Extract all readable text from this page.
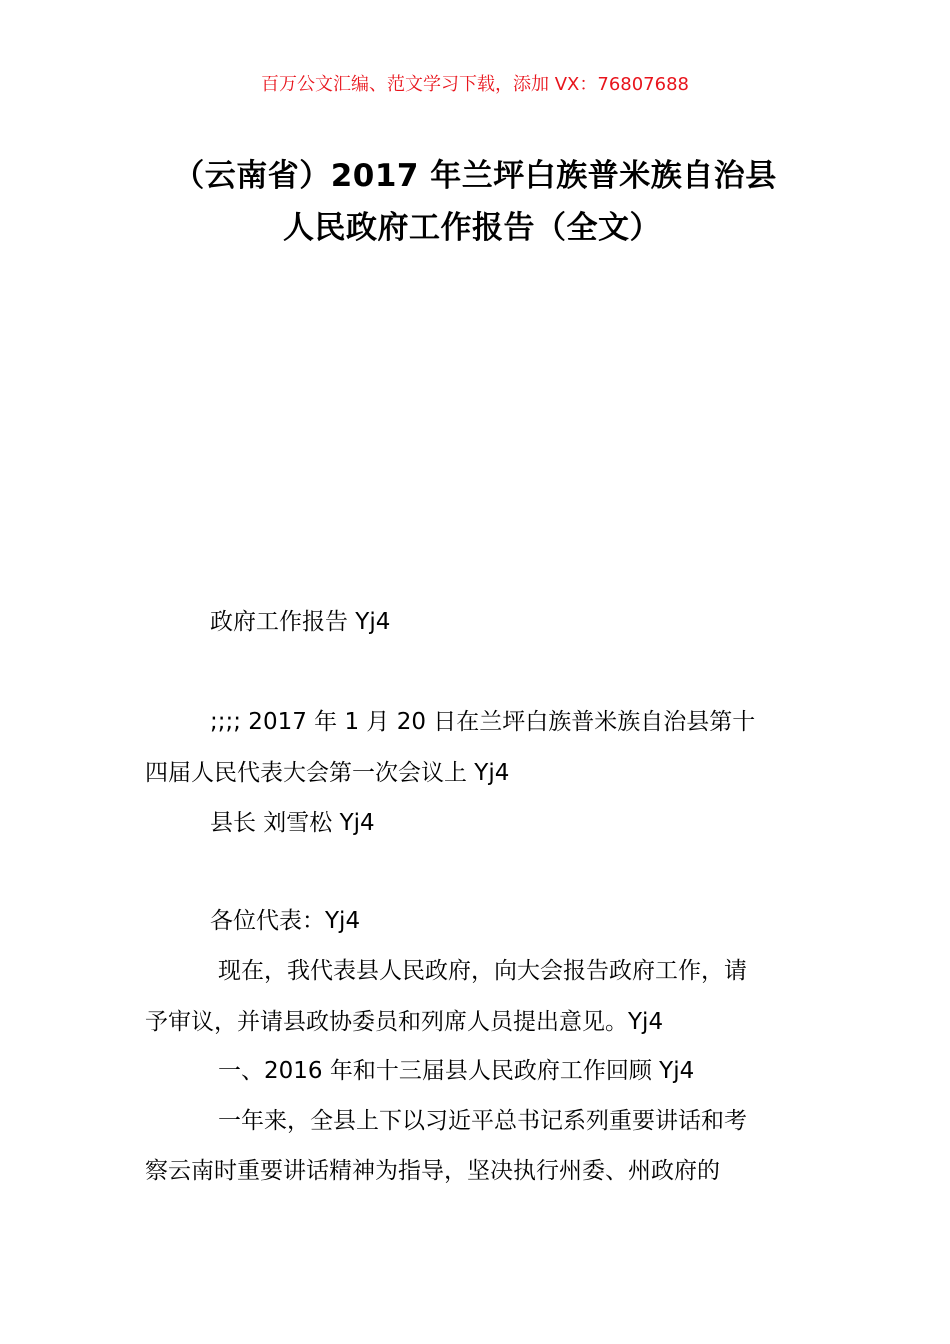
百万公文汇编、范文学习下载，添加 VX：76807688
（云南省）2017 年兰坪白族普米族自治县
人民政府工作报告（全文）
政府工作报告 Yj4
;;;; 2017 年 1 月 20 日在兰坪白族普米族自治县第十
四届人民代表大会第一次会议上 Yj4
县长 刘雪松 Yj4
各位代表：Yj4
现在，我代表县人民政府，向大会报告政府工作，请
予审议，并请县政协委员和列席人员提出意见。Yj4
一、2016 年和十三届县人民政府工作回顾 Yj4
一年来，全县上下以习近平总书记系列重要讲话和考
察云南时重要讲话精神为指导，坚决执行州委、州政府的
